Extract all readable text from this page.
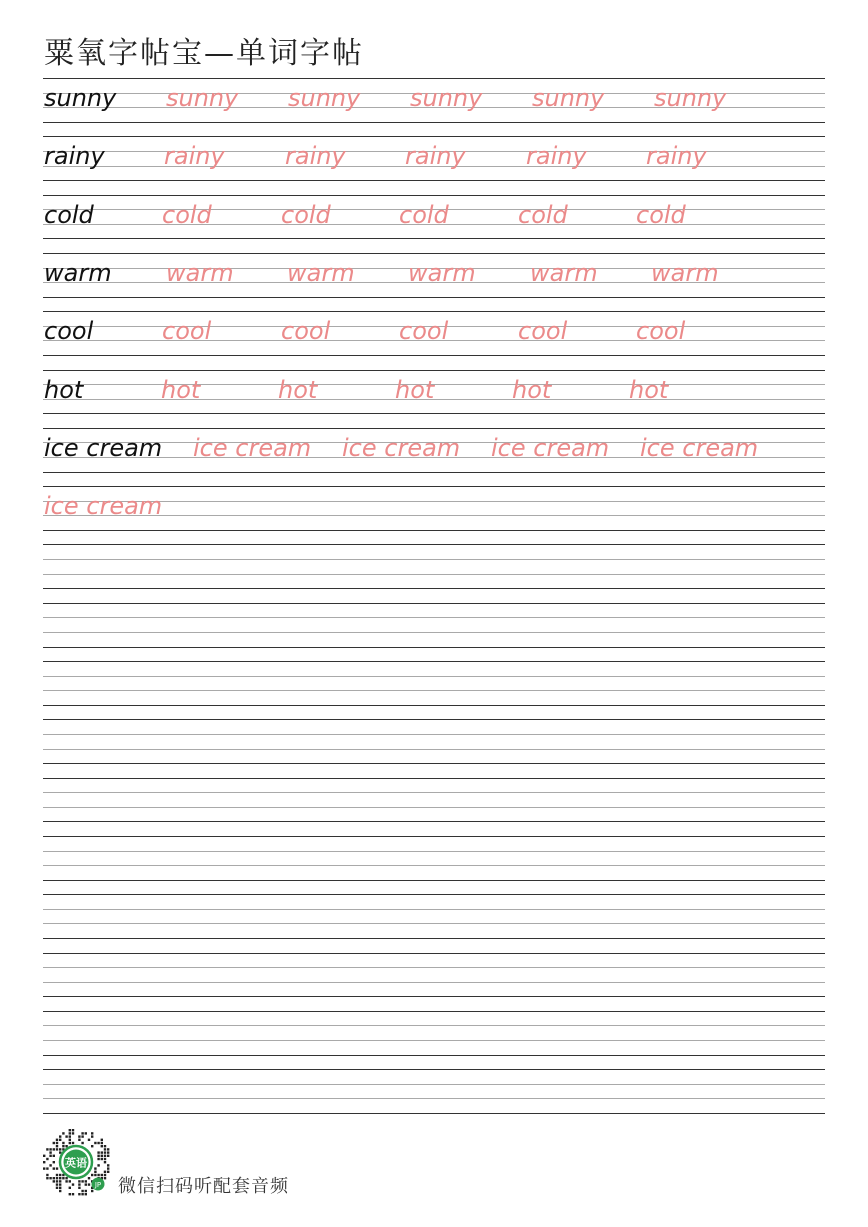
粟氧字帖宝—单词字帖
sunny sunny sunny sunny sunny sunny
rainy rainy	rainy rainy	rainy rainy
cold	cold	cold	cold	cold	cold
warm warm warm warm warm warm
cool	cool	cool	cool	cool	cool
hot	hot	hot	hot	hot	hot
ice cream ice cream ice cream ice cream ice cream
ice cream
英语
JP 微信扫码听配套音频
